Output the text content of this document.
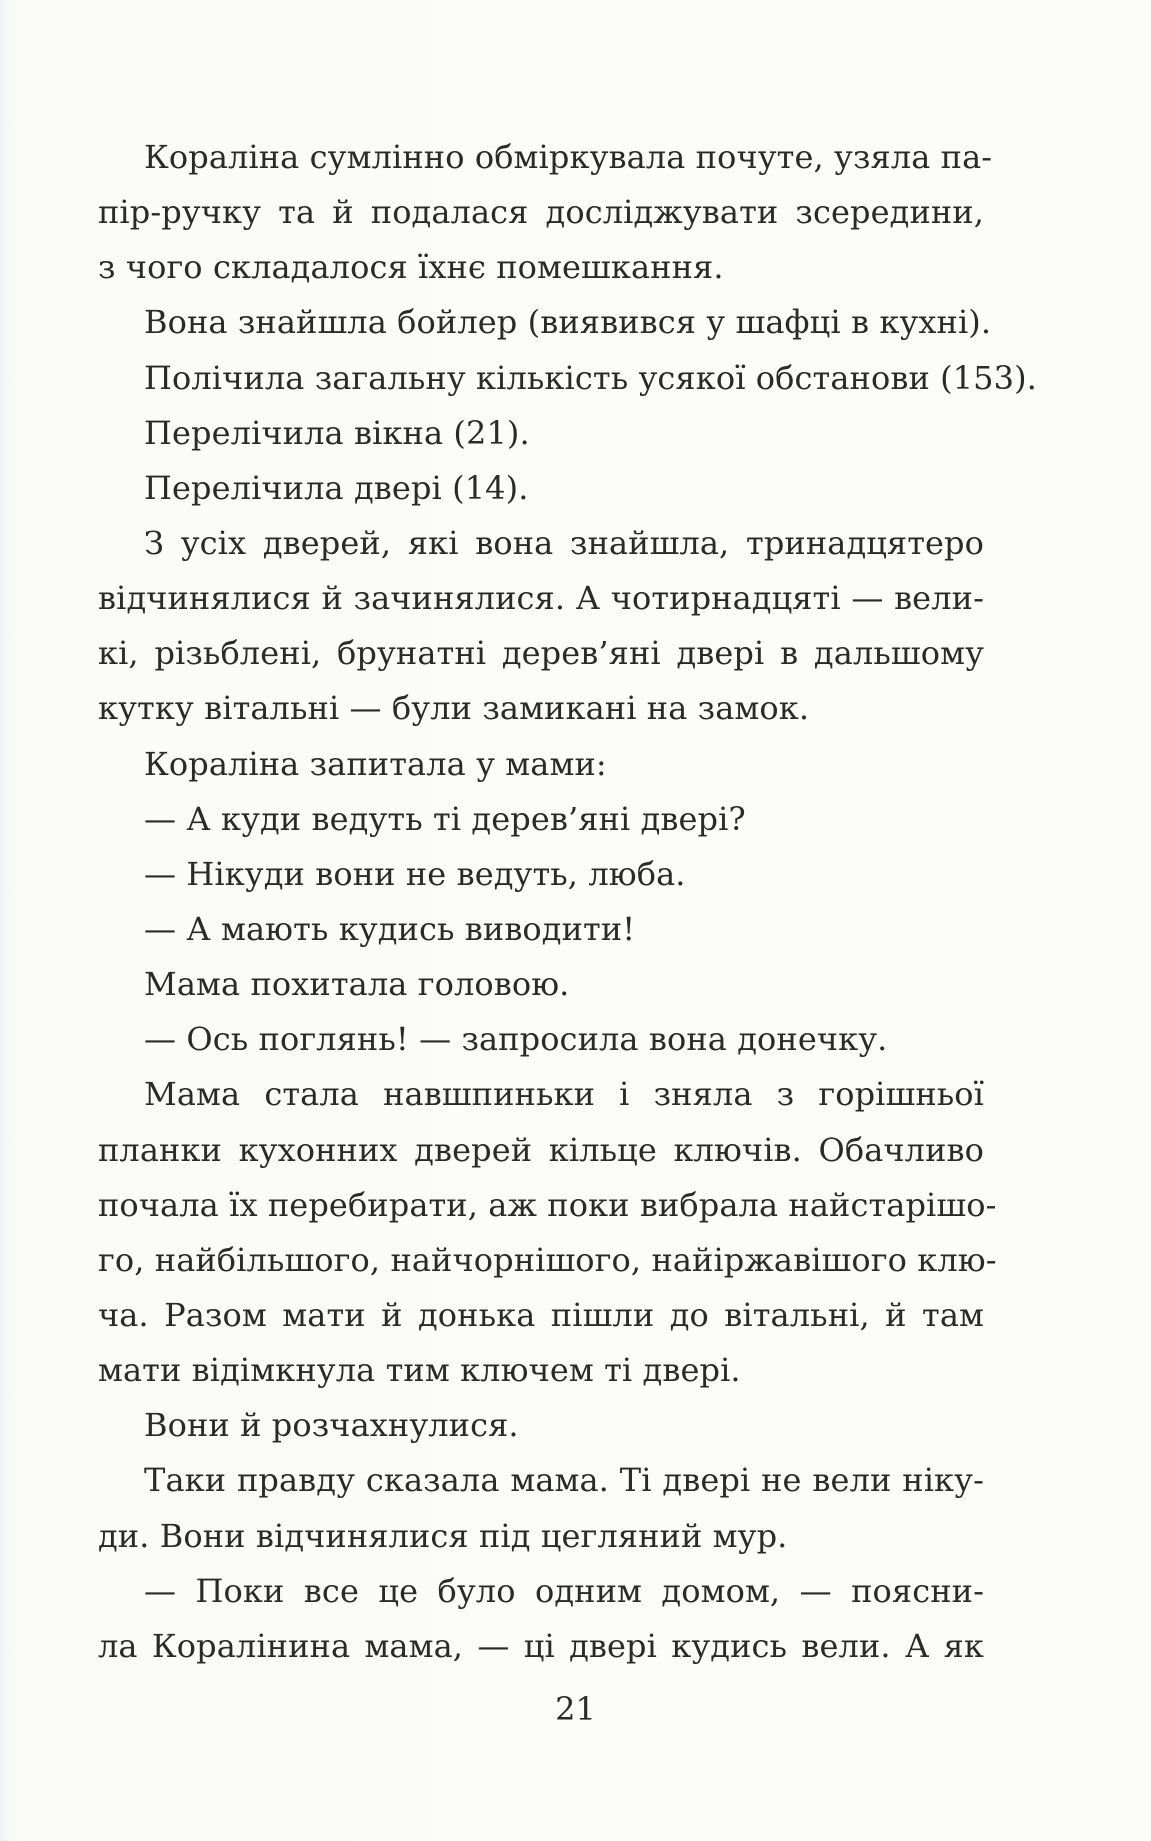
Кораліна сумлінно обміркувала почуте, узяла па-
пір-ручку та й подалася досліджувати зсередини,
з чого складалося їхнє помешкання.
Вона знайшла бойлер (виявився у шафці в кухні).
Полічила загальну кількість усякої обстанови (153).
Перелічила вікна (21).
Перелічила двері (14).
З усіх дверей, які вона знайшла, тринадцятеро
відчинялися й зачинялися. А чотирнадцяті — вели-
кі, різьблені, брунатні дерев’яні двері в дальшому
кутку вітальні — були замикані на замок.
Кораліна запитала у мами:
— А куди ведуть ті дерев’яні двері?
— Нікуди вони не ведуть, люба.
— А мають кудись виводити!
Мама похитала головою.
— Ось поглянь! — запросила вона донечку.
Мама стала навшпиньки і зняла з горішньої
планки кухонних дверей кільце ключів. Обачливо
почала їх перебирати, аж поки вибрала найстарішо-
го, найбільшого, найчорнішого, найіржавішого клю-
ча. Разом мати й донька пішли до вітальні, й там
мати відімкнула тим ключем ті двері.
Вони й розчахнулися.
Таки правду сказала мама. Ті двері не вели ніку-
ди. Вони відчинялися під цегляний мур.
— Поки все це було одним домом, — поясни-
ла Коралінина мама, — ці двері кудись вели. А як
21
